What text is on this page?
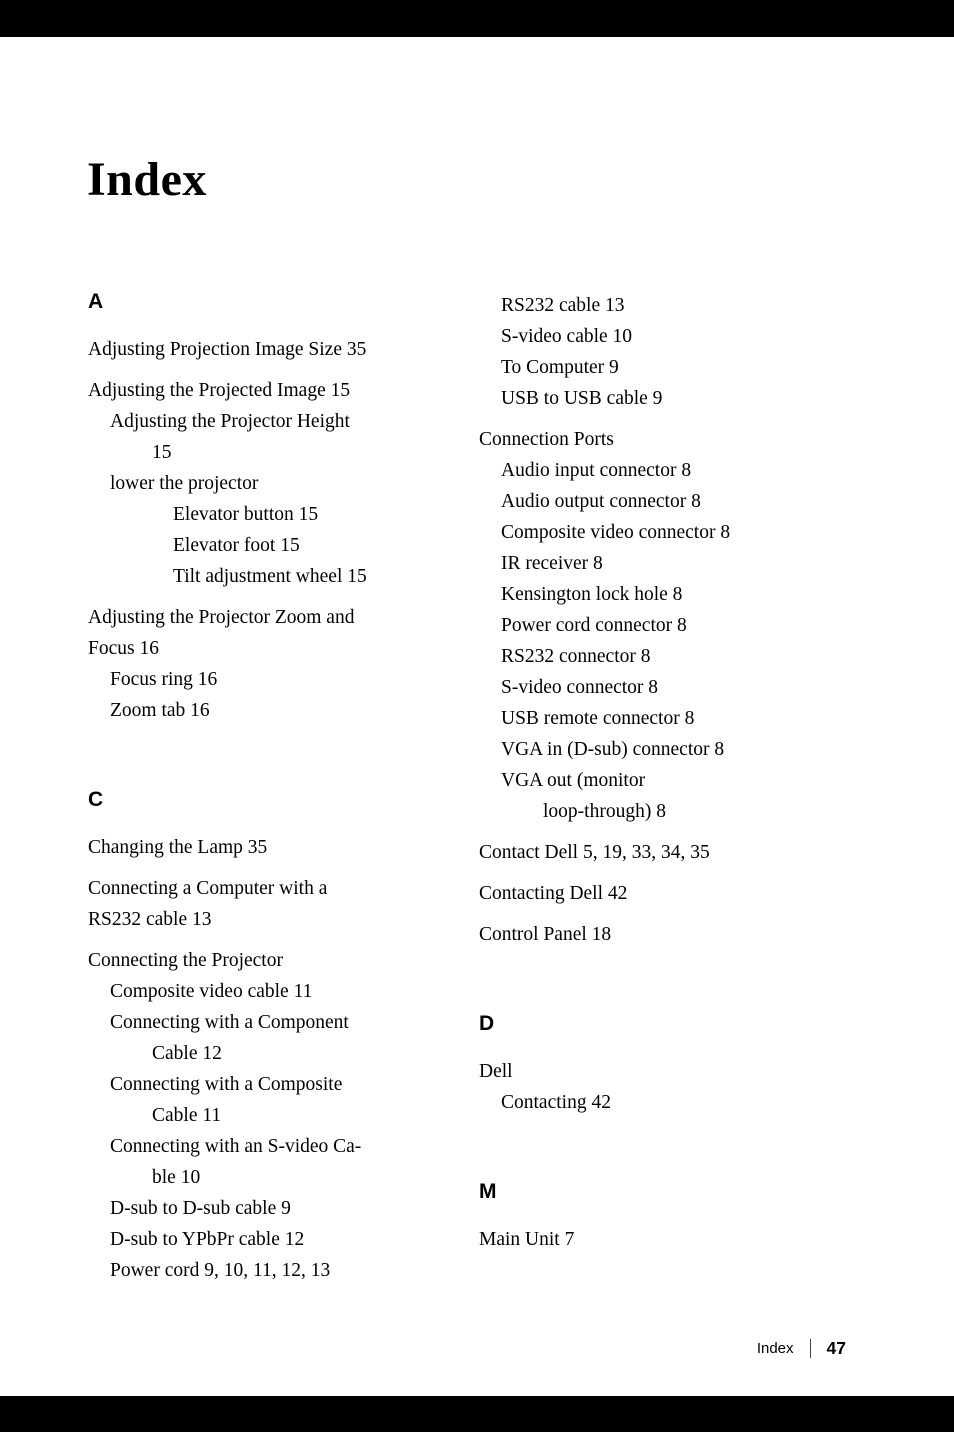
Index
A
Adjusting Projection Image Size 35
Adjusting the Projected Image 15
Adjusting the Projector Height
15
lower the projector
Elevator button 15
Elevator foot 15
Tilt adjustment wheel 15
Adjusting the Projector Zoom and
Focus 16
Focus ring 16
Zoom tab 16
C
Changing the Lamp 35
Connecting a Computer with a
RS232 cable 13
Connecting the Projector
Composite video cable 11
Connecting with a Component
Cable 12
Connecting with a Composite
Cable 11
Connecting with an S-video Ca-
ble 10
D-sub to D-sub cable 9
D-sub to YPbPr cable 12
Power cord 9, 10, 11, 12, 13
RS232 cable 13
S-video cable 10
To Computer 9
USB to USB cable 9
Connection Ports
Audio input connector 8
Audio output connector 8
Composite video connector 8
IR receiver 8
Kensington lock hole 8
Power cord connector 8
RS232 connector 8
S-video connector 8
USB remote connector 8
VGA in (D-sub) connector 8
VGA out (monitor
loop-through) 8
Contact Dell 5, 19, 33, 34, 35
Contacting Dell 42
Control Panel 18
D
Dell
Contacting 42
M
Main Unit 7
Index 47
